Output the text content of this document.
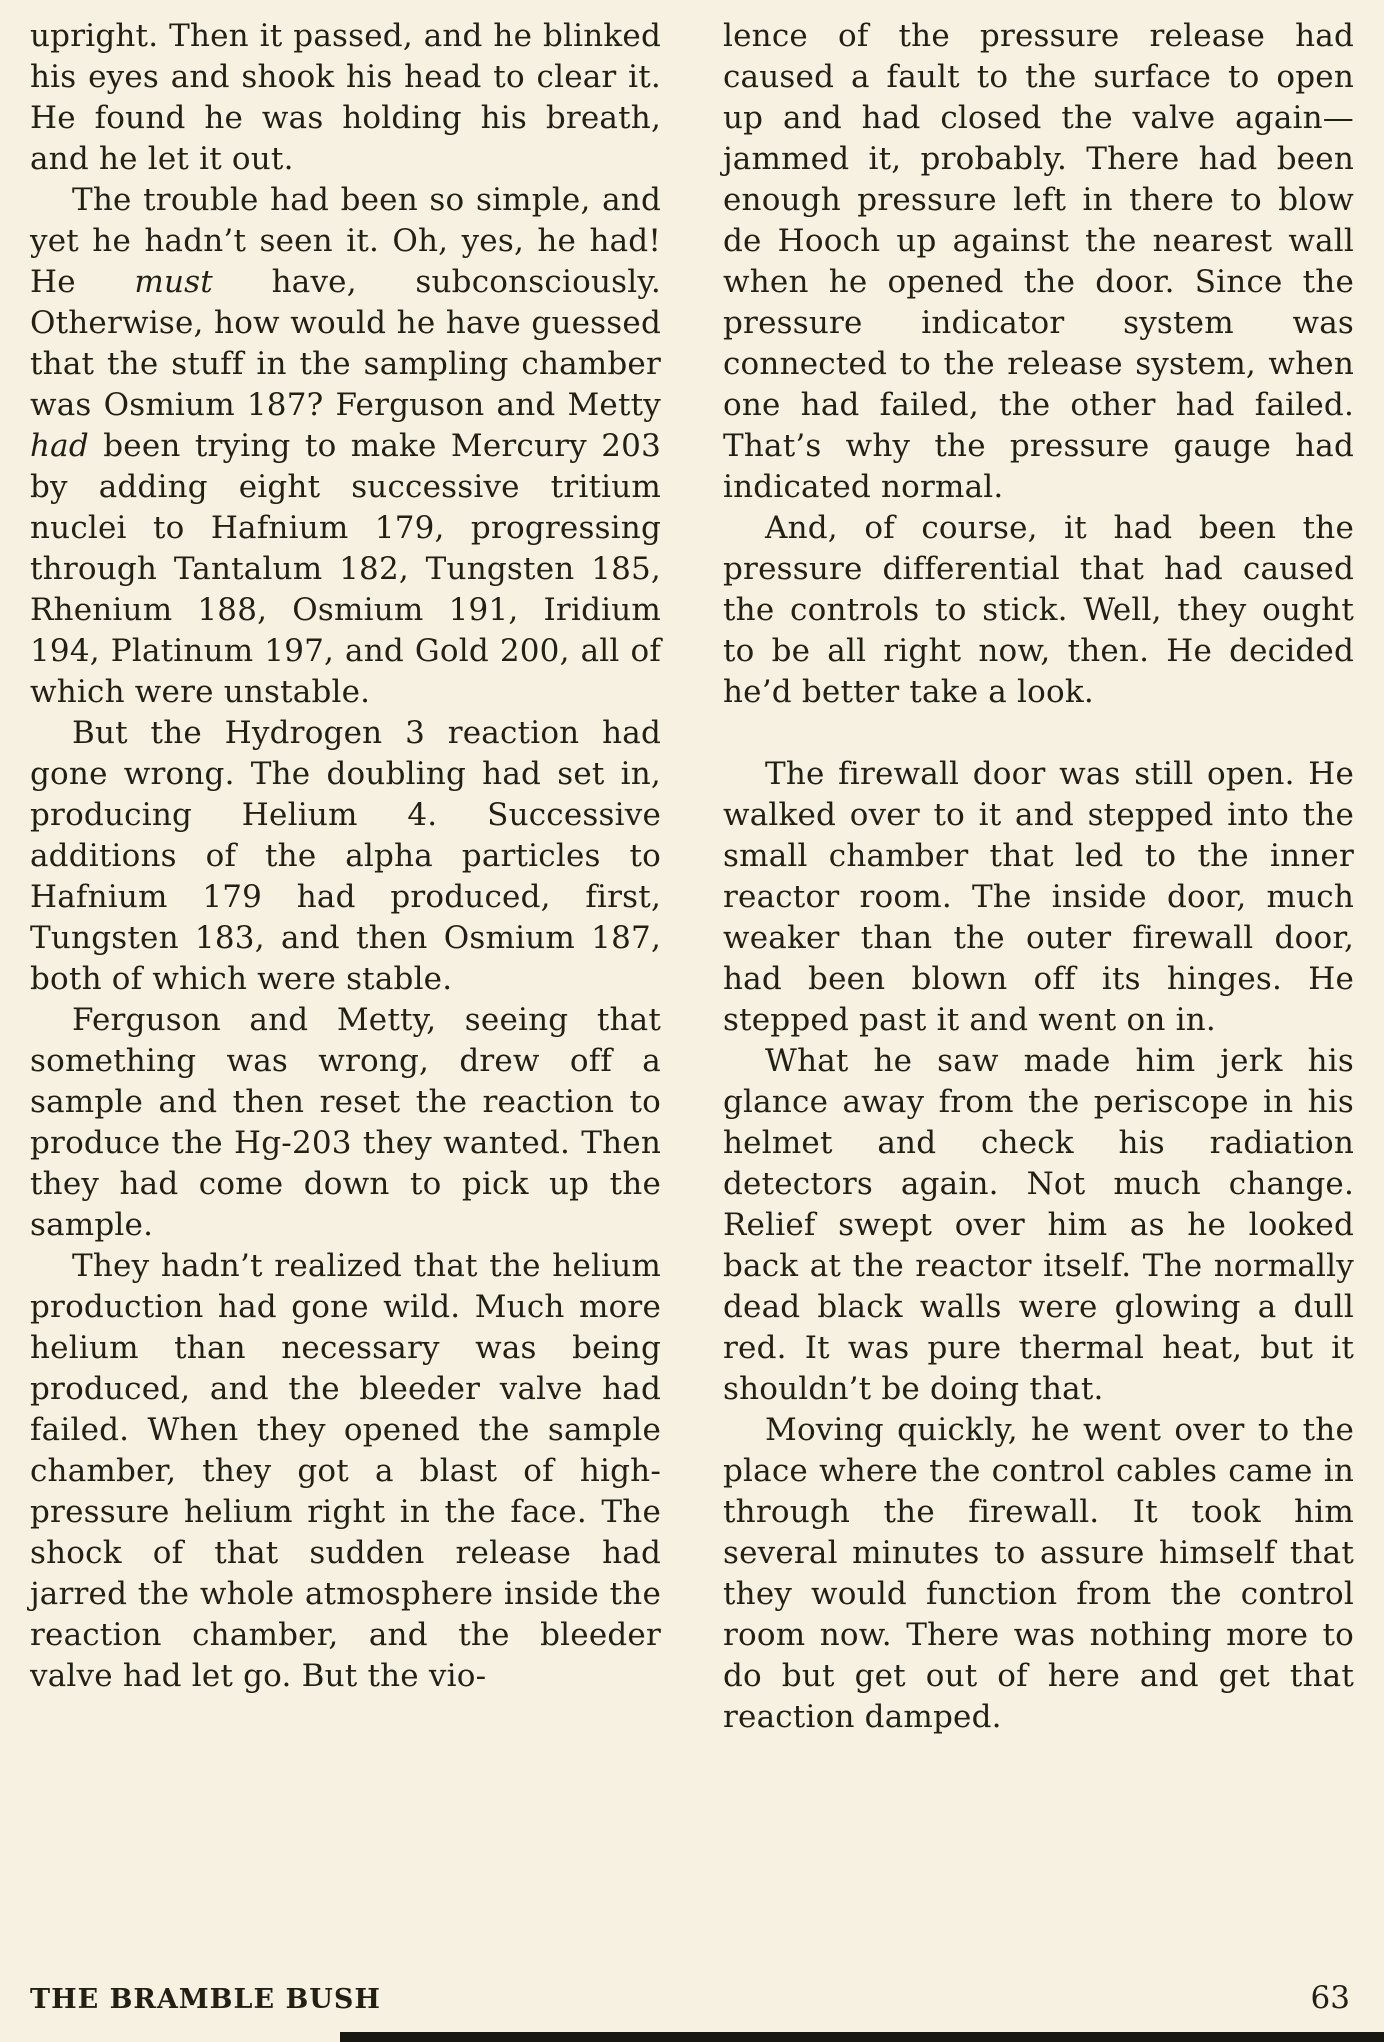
upright. Then it passed, and he blinked his eyes and shook his head to clear it. He found he was holding his breath, and he let it out.

The trouble had been so simple, and yet he hadn’t seen it. Oh, yes, he had! He must have, subconsciously. Otherwise, how would he have guessed that the stuff in the sampling chamber was Osmium 187? Ferguson and Metty had been trying to make Mercury 203 by adding eight successive tritium nuclei to Hafnium 179, progressing through Tantalum 182, Tungsten 185, Rhenium 188, Osmium 191, Iridium 194, Platinum 197, and Gold 200, all of which were unstable.

But the Hydrogen 3 reaction had gone wrong. The doubling had set in, producing Helium 4. Successive additions of the alpha particles to Hafnium 179 had produced, first, Tungsten 183, and then Osmium 187, both of which were stable.

Ferguson and Metty, seeing that something was wrong, drew off a sample and then reset the reaction to produce the Hg-203 they wanted. Then they had come down to pick up the sample.

They hadn’t realized that the helium production had gone wild. Much more helium than necessary was being produced, and the bleeder valve had failed. When they opened the sample chamber, they got a blast of high-pressure helium right in the face. The shock of that sudden release had jarred the whole atmosphere inside the reaction chamber, and the bleeder valve had let go. But the vio-

lence of the pressure release had caused a fault to the surface to open up and had closed the valve again—jammed it, probably. There had been enough pressure left in there to blow de Hooch up against the nearest wall when he opened the door. Since the pressure indicator system was connected to the release system, when one had failed, the other had failed. That’s why the pressure gauge had indicated normal.

And, of course, it had been the pressure differential that had caused the controls to stick. Well, they ought to be all right now, then. He decided he’d better take a look.

The firewall door was still open. He walked over to it and stepped into the small chamber that led to the inner reactor room. The inside door, much weaker than the outer firewall door, had been blown off its hinges. He stepped past it and went on in.

What he saw made him jerk his glance away from the periscope in his helmet and check his radiation detectors again. Not much change. Relief swept over him as he looked back at the reactor itself. The normally dead black walls were glowing a dull red. It was pure thermal heat, but it shouldn’t be doing that.

Moving quickly, he went over to the place where the control cables came in through the firewall. It took him several minutes to assure himself that they would function from the control room now. There was nothing more to do but get out of here and get that reaction damped.

THE BRAMBLE BUSH	63
